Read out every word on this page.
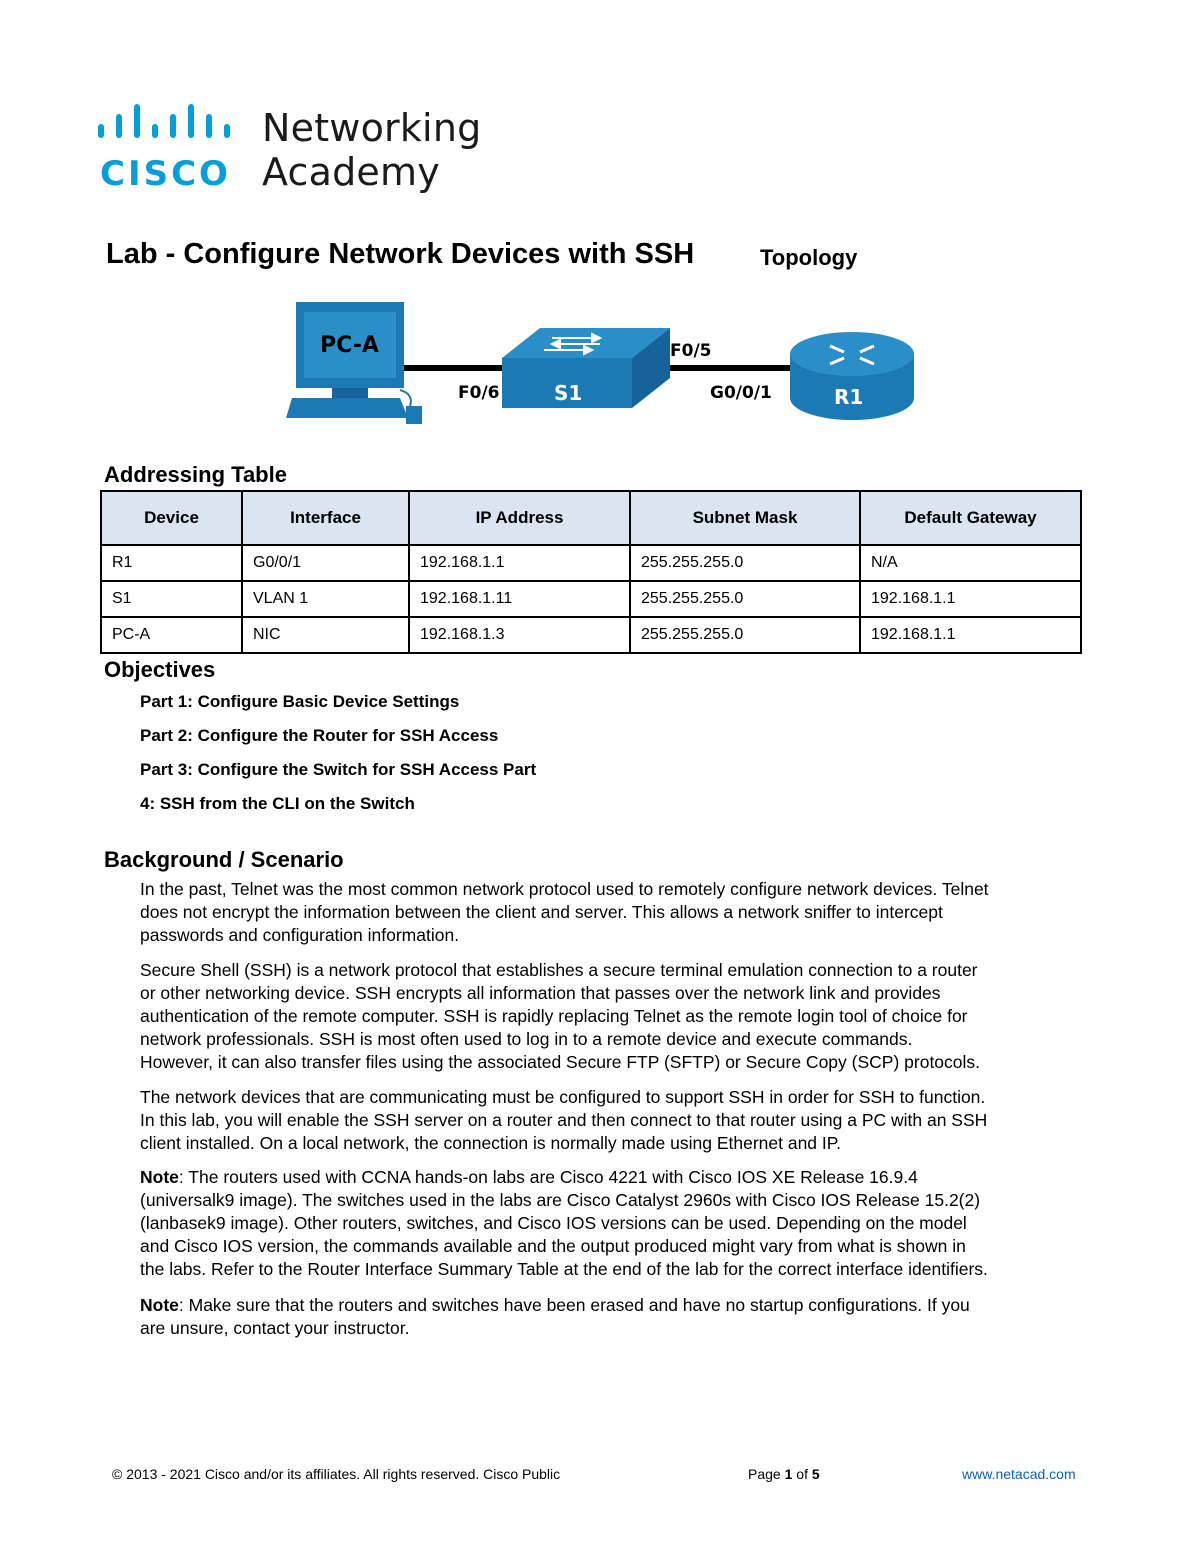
CISCO
Networking
Academy
Lab - Configure Network Devices with SSH	Topology
PC-A
S1	R1
F0/6
F0/5
G0/0/1
Addressing Table
Device	Interface	IP Address	Subnet Mask	Default Gateway
R1	G0/0/1	192.168.1.1	255.255.255.0	N/A
S1	VLAN 1	192.168.1.11	255.255.255.0	192.168.1.1
PC-A	NIC	192.168.1.3	255.255.255.0	192.168.1.1
Objectives
Part 1: Configure Basic Device Settings
Part 2: Configure the Router for SSH Access
Part 3: Configure the Switch for SSH Access Part
4: SSH from the CLI on the Switch
Background / Scenario
In the past, Telnet was the most common network protocol used to remotely configure network devices. Telnet
does not encrypt the information between the client and server. This allows a network sniffer to intercept
passwords and configuration information.
Secure Shell (SSH) is a network protocol that establishes a secure terminal emulation connection to a router
or other networking device. SSH encrypts all information that passes over the network link and provides
authentication of the remote computer. SSH is rapidly replacing Telnet as the remote login tool of choice for
network professionals. SSH is most often used to log in to a remote device and execute commands.
However, it can also transfer files using the associated Secure FTP (SFTP) or Secure Copy (SCP) protocols.
The network devices that are communicating must be configured to support SSH in order for SSH to function.
In this lab, you will enable the SSH server on a router and then connect to that router using a PC with an SSH
client installed. On a local network, the connection is normally made using Ethernet and IP.
Note: The routers used with CCNA hands-on labs are Cisco 4221 with Cisco IOS XE Release 16.9.4
(universalk9 image). The switches used in the labs are Cisco Catalyst 2960s with Cisco IOS Release 15.2(2)
(lanbasek9 image). Other routers, switches, and Cisco IOS versions can be used. Depending on the model
and Cisco IOS version, the commands available and the output produced might vary from what is shown in
the labs. Refer to the Router Interface Summary Table at the end of the lab for the correct interface identifiers.
Note: Make sure that the routers and switches have been erased and have no startup configurations. If you
are unsure, contact your instructor.
© 2013 - 2021 Cisco and/or its affiliates. All rights reserved. Cisco Public	Page 1 of 5	www.netacad.com
